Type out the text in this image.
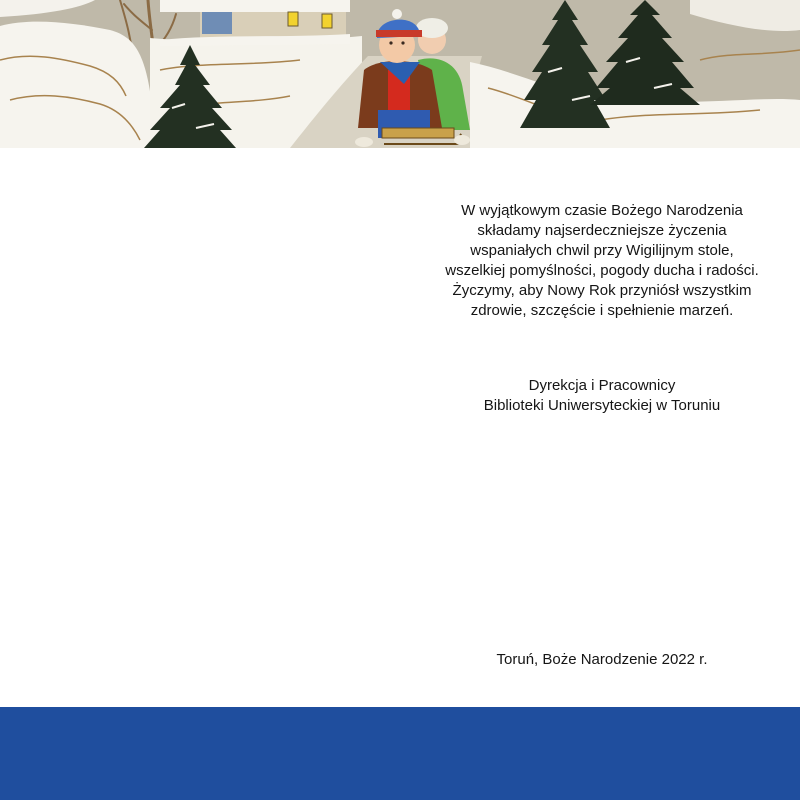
W wyjątkowym czasie Bożego Narodzenia
składamy najserdeczniejsze życzenia
wspaniałych chwil przy Wigilijnym stole,
wszelkiej pomyślności, pogody ducha i radości.
Życzymy, aby Nowy Rok przyniósł wszystkim
zdrowie, szczęście i spełnienie marzeń.
Dyrekcja i Pracownicy
Biblioteki Uniwersyteckiej w Toruniu
Toruń, Boże Narodzenie 2022 r.
